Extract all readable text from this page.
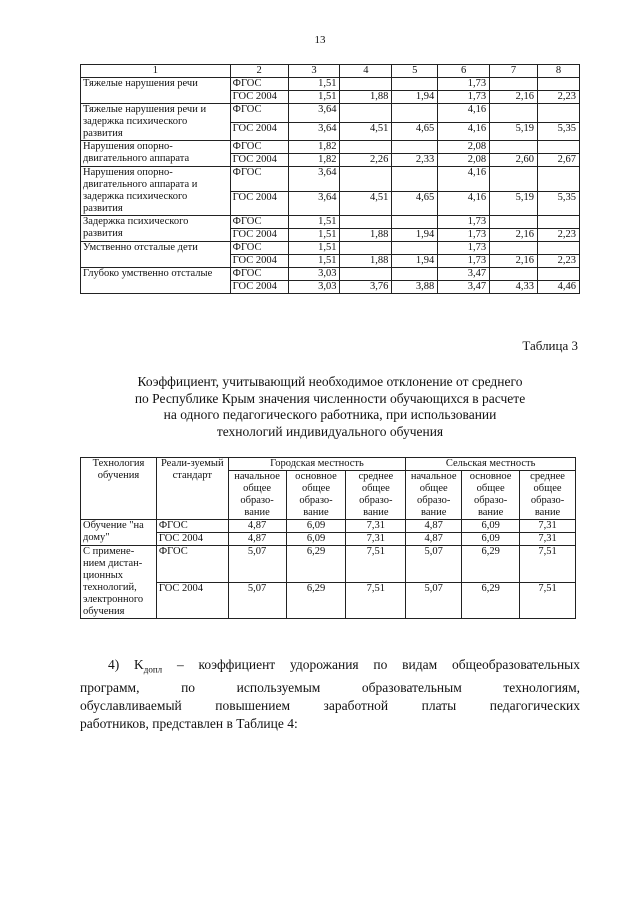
13
1	2	3	4	5	6	7	8
Тяжелые нарушения речи	ФГОС	1,51			1,73		
	ГОС 2004	1,51	1,88	1,94	1,73	2,16	2,23
Тяжелые нарушения речи и задержка психического развития	ФГОС	3,64			4,16		
	ГОС 2004	3,64	4,51	4,65	4,16	5,19	5,35
Нарушения опорно-двигательного аппарата	ФГОС	1,82			2,08		
	ГОС 2004	1,82	2,26	2,33	2,08	2,60	2,67
Нарушения опорно-двигательного аппарата и задержка психического развития	ФГОС	3,64			4,16		
	ГОС 2004	3,64	4,51	4,65	4,16	5,19	5,35
Задержка психического развития	ФГОС	1,51			1,73		
	ГОС 2004	1,51	1,88	1,94	1,73	2,16	2,23
Умственно отсталые дети	ФГОС	1,51			1,73		
	ГОС 2004	1,51	1,88	1,94	1,73	2,16	2,23
Глубоко умственно отсталые	ФГОС	3,03			3,47		
	ГОС 2004	3,03	3,76	3,88	3,47	4,33	4,46
Таблица 3
Коэффициент, учитывающий необходимое отклонение от среднего
по Республике Крым значения численности обучающихся в расчете
на одного педагогического работника, при использовании
технологий индивидуального обучения
Технология обучения	Реали-зуемый стандарт	Городская местность			Сельская местность		
		начальное общее образо-вание	основное общее образо-вание	среднее общее образо-вание	начальное общее образо-вание	основное общее образо-вание	среднее общее образо-вание
Обучение "на дому"	ФГОС	4,87	6,09	7,31	4,87	6,09	7,31
	ГОС 2004	4,87	6,09	7,31	4,87	6,09	7,31
С примене-нием дистан-ционных технологий, электронного обучения	ФГОС	5,07	6,29	7,51	5,07	6,29	7,51
	ГОС 2004	5,07	6,29	7,51	5,07	6,29	7,51

4) $K_{допл}$ – коэффициент удорожания по видам общеобразовательных

программ, по используемым образовательным технологиям,

обуславливаемый повышением заработной платы педагогических

работников, представлен в Таблице 4:
